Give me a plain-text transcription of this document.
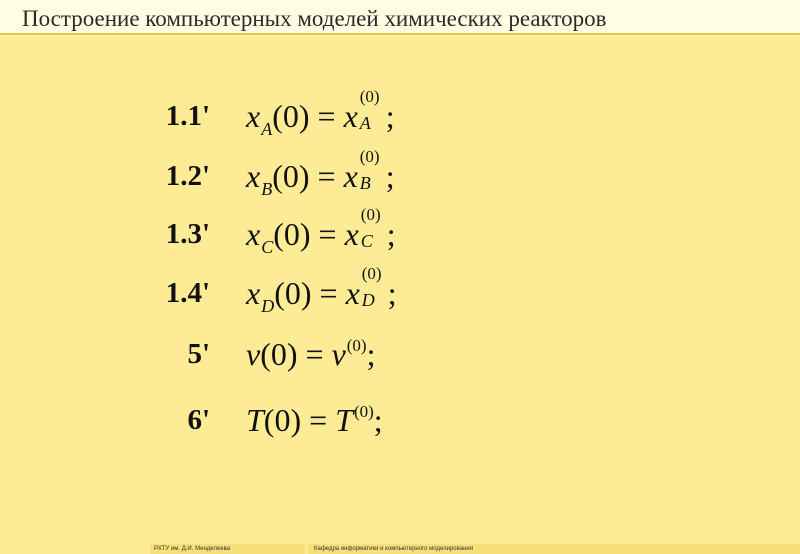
Построение компьютерных моделей химических реакторов
1.1' $x_A(0) = x$
(0)
A ;
1.2' $x_B(0) = x$
(0)
B ;
1.3' $x_C(0) = x$
(0)
C ;
1.4' $x_D(0) = x$
(0)
D ;
5' $v(0) = v^{(0)}$;
6' $T(0) = T^{(0)}$;
РХТУ им. Д.И. Менделеева	Кафедра информатики и компьютерного моделирования
